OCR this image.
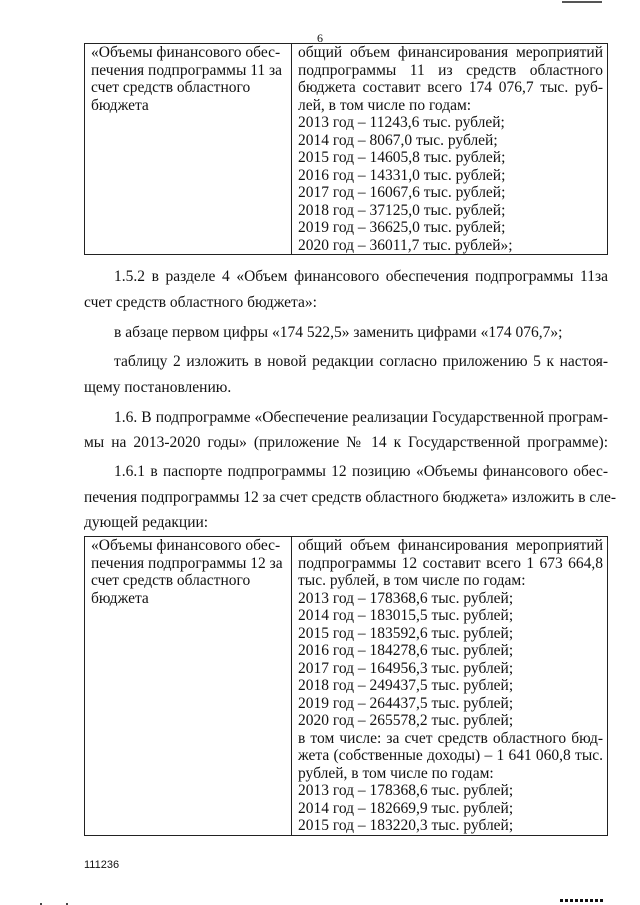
6
«Объемы финансового обес-
печения подпрограммы 11 за
счет средств областного
бюджета

общий объем финансирования мероприятий
подпрограммы 11 из средств областного
бюджета составит всего 174 076,7 тыс. руб-
лей, в том числе по годам:
2013 год – 11243,6 тыс. рублей;
2014 год – 8067,0 тыс. рублей;
2015 год – 14605,8 тыс. рублей;
2016 год – 14331,0 тыс. рублей;
2017 год – 16067,6 тыс. рублей;
2018 год – 37125,0 тыс. рублей;
2019 год – 36625,0 тыс. рублей;
2020 год – 36011,7 тыс. рублей»;
1.5.2 в разделе 4 «Объем финансового обеспечения подпрограммы 11за
счет средств областного бюджета»:
в абзаце первом цифры «174 522,5» заменить цифрами «174 076,7»;
таблицу 2 изложить в новой редакции согласно приложению 5 к настоя-
щему постановлению.
1.6. В подпрограмме «Обеспечение реализации Государственной програм-
мы на 2013-2020 годы» (приложение № 14 к Государственной программе):
1.6.1 в паспорте подпрограммы 12 позицию «Объемы финансового обес-
печения подпрограммы 12 за счет средств областного бюджета» изложить в сле-
дующей редакции:
«Объемы финансового обес-
печения подпрограммы 12 за
счет средств областного
бюджета

общий объем финансирования мероприятий
подпрограммы 12 составит всего 1 673 664,8
тыс. рублей, в том числе по годам:
2013 год – 178368,6 тыс. рублей;
2014 год – 183015,5 тыс. рублей;
2015 год – 183592,6 тыс. рублей;
2016 год – 184278,6 тыс. рублей;
2017 год – 164956,3 тыс. рублей;
2018 год – 249437,5 тыс. рублей;
2019 год – 264437,5 тыс. рублей;
2020 год – 265578,2 тыс. рублей;
в том числе: за счет средств областного бюд-
жета (собственные доходы) – 1 641 060,8 тыс.
рублей, в том числе по годам:
2013 год – 178368,6 тыс. рублей;
2014 год – 182669,9 тыс. рублей;
2015 год – 183220,3 тыс. рублей;
111236
